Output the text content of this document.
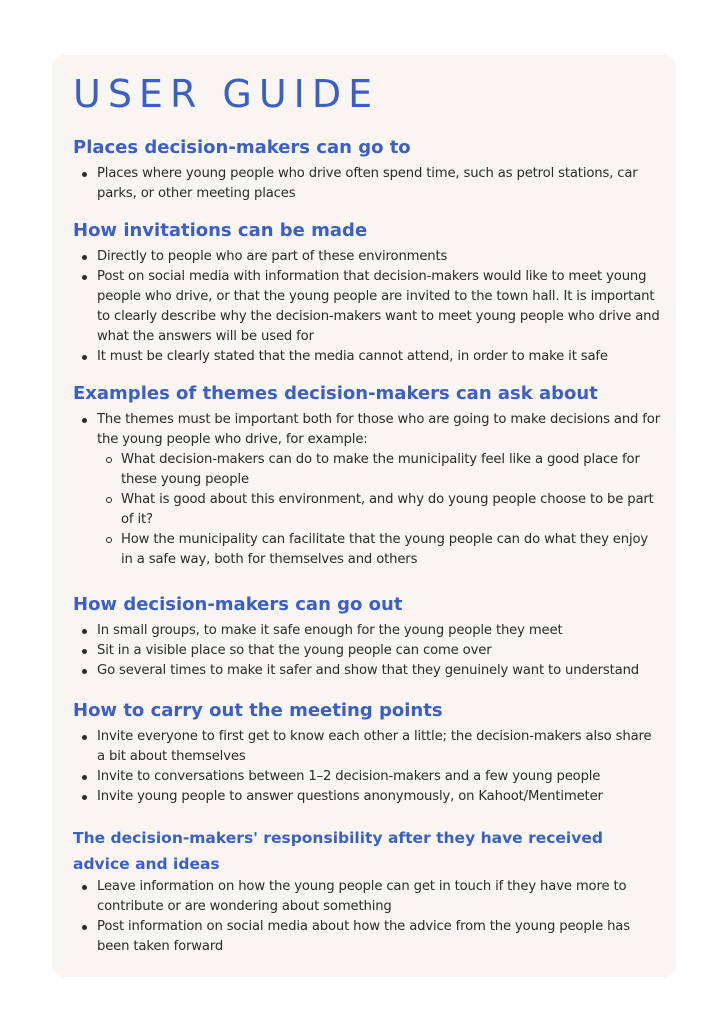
USER GUIDE
Places decision-makers can go to
Places where young people who drive often spend time, such as petrol stations, car parks, or other meeting places
How invitations can be made
Directly to people who are part of these environments
Post on social media with information that decision-makers would like to meet young people who drive, or that the young people are invited to the town hall. It is important to clearly describe why the decision-makers want to meet young people who drive and what the answers will be used for
It must be clearly stated that the media cannot attend, in order to make it safe
Examples of themes decision-makers can ask about
The themes must be important both for those who are going to make decisions and for the young people who drive, for example:
What decision-makers can do to make the municipality feel like a good place for these young people
What is good about this environment, and why do young people choose to be part of it?
How the municipality can facilitate that the young people can do what they enjoy in a safe way, both for themselves and others
How decision-makers can go out
In small groups, to make it safe enough for the young people they meet
Sit in a visible place so that the young people can come over
Go several times to make it safer and show that they genuinely want to understand
How to carry out the meeting points
Invite everyone to first get to know each other a little; the decision-makers also share a bit about themselves
Invite to conversations between 1–2 decision-makers and a few young people
Invite young people to answer questions anonymously, on Kahoot/Mentimeter
The decision-makers' responsibility after they have received advice and ideas
Leave information on how the young people can get in touch if they have more to contribute or are wondering about something
Post information on social media about how the advice from the young people has been taken forward
